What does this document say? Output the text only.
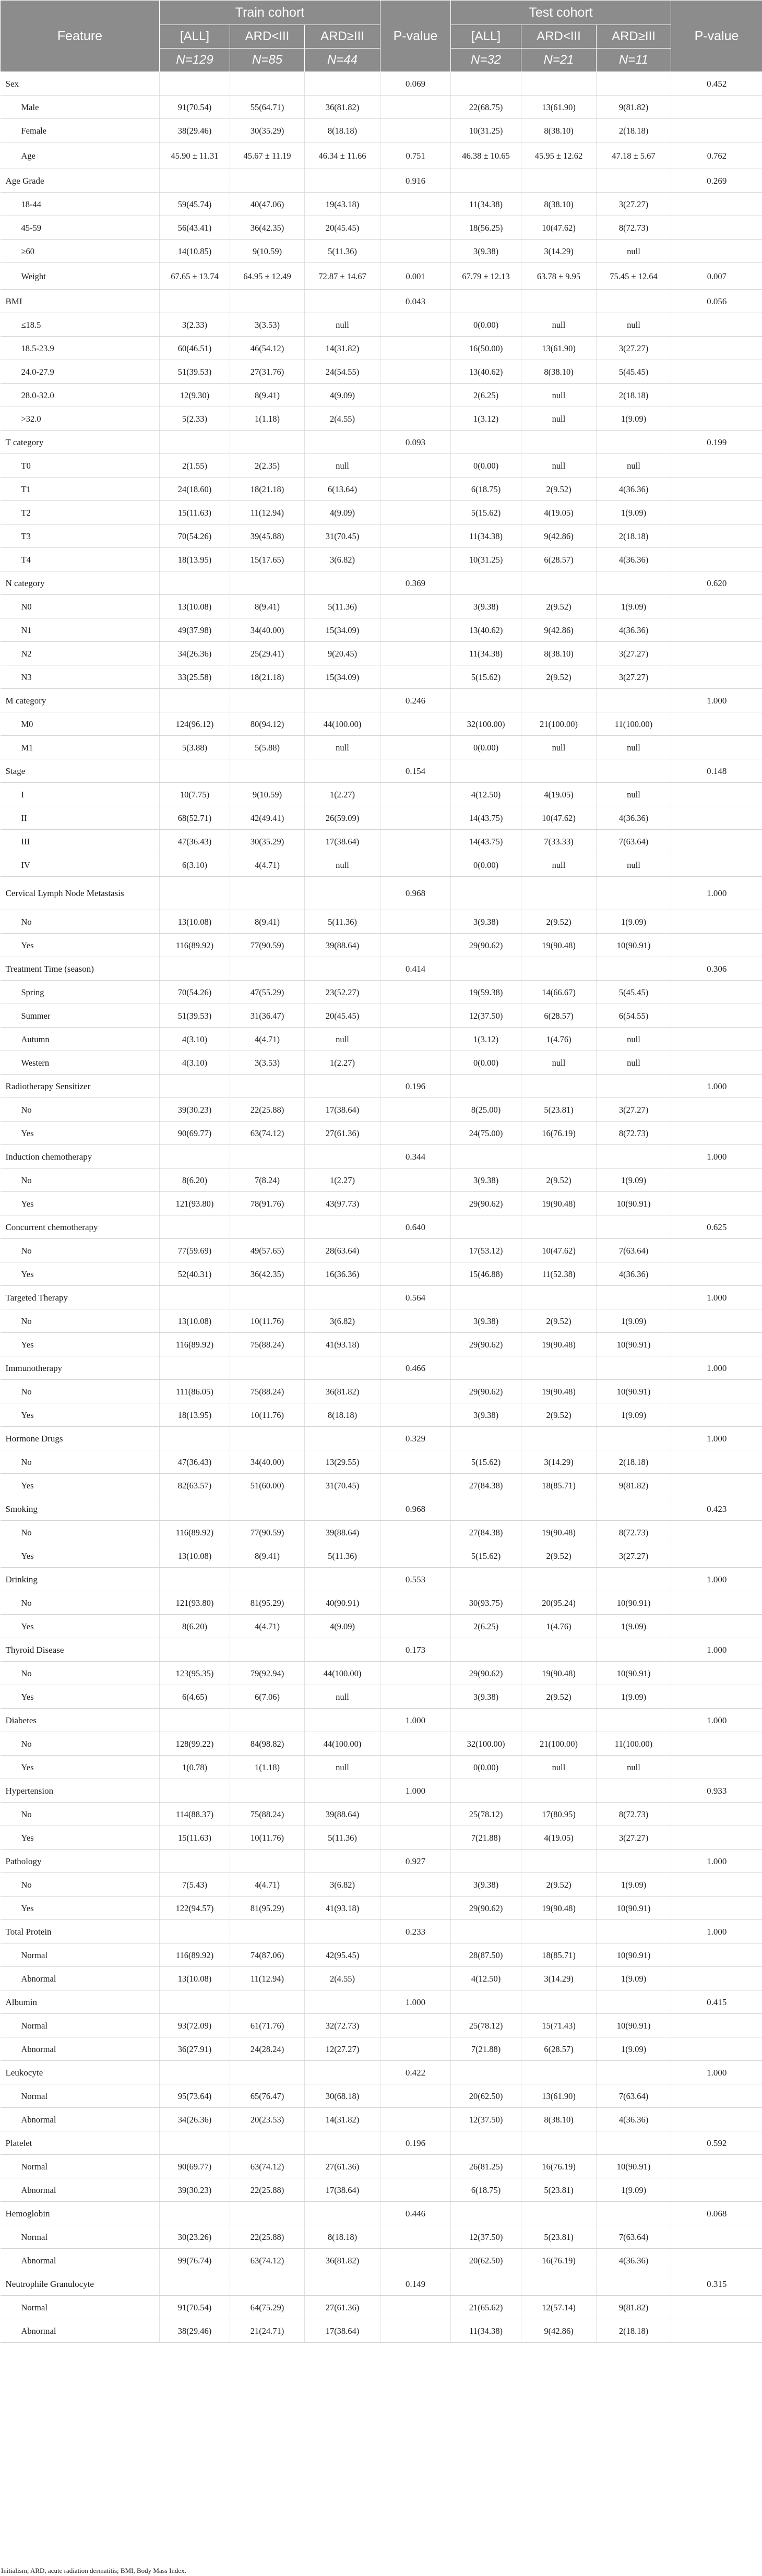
Feature	Train cohort			P-value	Test cohort			P-value
	[ALL]	ARD<III	ARD≥III		[ALL]	ARD<III	ARD≥III	
	N=129	N=85	N=44		N=32	N=21	N=11	
Sex				0.069				0.452
Male	91(70.54)	55(64.71)	36(81.82)		22(68.75)	13(61.90)	9(81.82)	
Female	38(29.46)	30(35.29)	8(18.18)		10(31.25)	8(38.10)	2(18.18)	
Age	45.90 ± 11.31	45.67 ± 11.19	46.34 ± 11.66	0.751	46.38 ± 10.65	45.95 ± 12.62	47.18 ± 5.67	0.762
Age Grade				0.916				0.269
18-44	59(45.74)	40(47.06)	19(43.18)		11(34.38)	8(38.10)	3(27.27)	
45-59	56(43.41)	36(42.35)	20(45.45)		18(56.25)	10(47.62)	8(72.73)	
≥60	14(10.85)	9(10.59)	5(11.36)		3(9.38)	3(14.29)	null	
Weight	67.65 ± 13.74	64.95 ± 12.49	72.87 ± 14.67	0.001	67.79 ± 12.13	63.78 ± 9.95	75.45 ± 12.64	0.007
BMI				0.043				0.056
≤18.5	3(2.33)	3(3.53)	null		0(0.00)	null	null	
18.5-23.9	60(46.51)	46(54.12)	14(31.82)		16(50.00)	13(61.90)	3(27.27)	
24.0-27.9	51(39.53)	27(31.76)	24(54.55)		13(40.62)	8(38.10)	5(45.45)	
28.0-32.0	12(9.30)	8(9.41)	4(9.09)		2(6.25)	null	2(18.18)	
>32.0	5(2.33)	1(1.18)	2(4.55)		1(3.12)	null	1(9.09)	
T category				0.093				0.199
T0	2(1.55)	2(2.35)	null		0(0.00)	null	null	
T1	24(18.60)	18(21.18)	6(13.64)		6(18.75)	2(9.52)	4(36.36)	
T2	15(11.63)	11(12.94)	4(9.09)		5(15.62)	4(19.05)	1(9.09)	
T3	70(54.26)	39(45.88)	31(70.45)		11(34.38)	9(42.86)	2(18.18)	
T4	18(13.95)	15(17.65)	3(6.82)		10(31.25)	6(28.57)	4(36.36)	
N category				0.369				0.620
N0	13(10.08)	8(9.41)	5(11.36)		3(9.38)	2(9.52)	1(9.09)	
N1	49(37.98)	34(40.00)	15(34.09)		13(40.62)	9(42.86)	4(36.36)	
N2	34(26.36)	25(29.41)	9(20.45)		11(34.38)	8(38.10)	3(27.27)	
N3	33(25.58)	18(21.18)	15(34.09)		5(15.62)	2(9.52)	3(27.27)	
M category				0.246				1.000
M0	124(96.12)	80(94.12)	44(100.00)		32(100.00)	21(100.00)	11(100.00)	
M1	5(3.88)	5(5.88)	null		0(0.00)	null	null	
Stage				0.154				0.148
I	10(7.75)	9(10.59)	1(2.27)		4(12.50)	4(19.05)	null	
II	68(52.71)	42(49.41)	26(59.09)		14(43.75)	10(47.62)	4(36.36)	
III	47(36.43)	30(35.29)	17(38.64)		14(43.75)	7(33.33)	7(63.64)	
IV	6(3.10)	4(4.71)	null		0(0.00)	null	null	
Cervical Lymph Node Metastasis				0.968				1.000
No	13(10.08)	8(9.41)	5(11.36)		3(9.38)	2(9.52)	1(9.09)	
Yes	116(89.92)	77(90.59)	39(88.64)		29(90.62)	19(90.48)	10(90.91)	
Treatment Time (season)				0.414				0.306
Spring	70(54.26)	47(55.29)	23(52.27)		19(59.38)	14(66.67)	5(45.45)	
Summer	51(39.53)	31(36.47)	20(45.45)		12(37.50)	6(28.57)	6(54.55)	
Autumn	4(3.10)	4(4.71)	null		1(3.12)	1(4.76)	null	
Western	4(3.10)	3(3.53)	1(2.27)		0(0.00)	null	null	
Radiotherapy Sensitizer				0.196				1.000
No	39(30.23)	22(25.88)	17(38.64)		8(25.00)	5(23.81)	3(27.27)	
Yes	90(69.77)	63(74.12)	27(61.36)		24(75.00)	16(76.19)	8(72.73)	
Induction chemotherapy				0.344				1.000
No	8(6.20)	7(8.24)	1(2.27)		3(9.38)	2(9.52)	1(9.09)	
Yes	121(93.80)	78(91.76)	43(97.73)		29(90.62)	19(90.48)	10(90.91)	
Concurrent chemotherapy				0.640				0.625
No	77(59.69)	49(57.65)	28(63.64)		17(53.12)	10(47.62)	7(63.64)	
Yes	52(40.31)	36(42.35)	16(36.36)		15(46.88)	11(52.38)	4(36.36)	
Targeted Therapy				0.564				1.000
No	13(10.08)	10(11.76)	3(6.82)		3(9.38)	2(9.52)	1(9.09)	
Yes	116(89.92)	75(88.24)	41(93.18)		29(90.62)	19(90.48)	10(90.91)	
Immunotherapy				0.466				1.000
No	111(86.05)	75(88.24)	36(81.82)		29(90.62)	19(90.48)	10(90.91)	
Yes	18(13.95)	10(11.76)	8(18.18)		3(9.38)	2(9.52)	1(9.09)	
Hormone Drugs				0.329				1.000
No	47(36.43)	34(40.00)	13(29.55)		5(15.62)	3(14.29)	2(18.18)	
Yes	82(63.57)	51(60.00)	31(70.45)		27(84.38)	18(85.71)	9(81.82)	
Smoking				0.968				0.423
No	116(89.92)	77(90.59)	39(88.64)		27(84.38)	19(90.48)	8(72.73)	
Yes	13(10.08)	8(9.41)	5(11.36)		5(15.62)	2(9.52)	3(27.27)	
Drinking				0.553				1.000
No	121(93.80)	81(95.29)	40(90.91)		30(93.75)	20(95.24)	10(90.91)	
Yes	8(6.20)	4(4.71)	4(9.09)		2(6.25)	1(4.76)	1(9.09)	
Thyroid Disease				0.173				1.000
No	123(95.35)	79(92.94)	44(100.00)		29(90.62)	19(90.48)	10(90.91)	
Yes	6(4.65)	6(7.06)	null		3(9.38)	2(9.52)	1(9.09)	
Diabetes				1.000				1.000
No	128(99.22)	84(98.82)	44(100.00)		32(100.00)	21(100.00)	11(100.00)	
Yes	1(0.78)	1(1.18)	null		0(0.00)	null	null	
Hypertension				1.000				0.933
No	114(88.37)	75(88.24)	39(88.64)		25(78.12)	17(80.95)	8(72.73)	
Yes	15(11.63)	10(11.76)	5(11.36)		7(21.88)	4(19.05)	3(27.27)	
Pathology				0.927				1.000
No	7(5.43)	4(4.71)	3(6.82)		3(9.38)	2(9.52)	1(9.09)	
Yes	122(94.57)	81(95.29)	41(93.18)		29(90.62)	19(90.48)	10(90.91)	
Total Protein				0.233				1.000
Normal	116(89.92)	74(87.06)	42(95.45)		28(87.50)	18(85.71)	10(90.91)	
Abnormal	13(10.08)	11(12.94)	2(4.55)		4(12.50)	3(14.29)	1(9.09)	
Albumin				1.000				0.415
Normal	93(72.09)	61(71.76)	32(72.73)		25(78.12)	15(71.43)	10(90.91)	
Abnormal	36(27.91)	24(28.24)	12(27.27)		7(21.88)	6(28.57)	1(9.09)	
Leukocyte				0.422				1.000
Normal	95(73.64)	65(76.47)	30(68.18)		20(62.50)	13(61.90)	7(63.64)	
Abnormal	34(26.36)	20(23.53)	14(31.82)		12(37.50)	8(38.10)	4(36.36)	
Platelet				0.196				0.592
Normal	90(69.77)	63(74.12)	27(61.36)		26(81.25)	16(76.19)	10(90.91)	
Abnormal	39(30.23)	22(25.88)	17(38.64)		6(18.75)	5(23.81)	1(9.09)	
Hemoglobin				0.446				0.068
Normal	30(23.26)	22(25.88)	8(18.18)		12(37.50)	5(23.81)	7(63.64)	
Abnormal	99(76.74)	63(74.12)	36(81.82)		20(62.50)	16(76.19)	4(36.36)	
Neutrophile Granulocyte				0.149				0.315
Normal	91(70.54)	64(75.29)	27(61.36)		21(65.62)	12(57.14)	9(81.82)	
Abnormal	38(29.46)	21(24.71)	17(38.64)		11(34.38)	9(42.86)	2(18.18)	
Initialism; ARD, acute radiation dermatitis; BMI, Body Mass Index.
